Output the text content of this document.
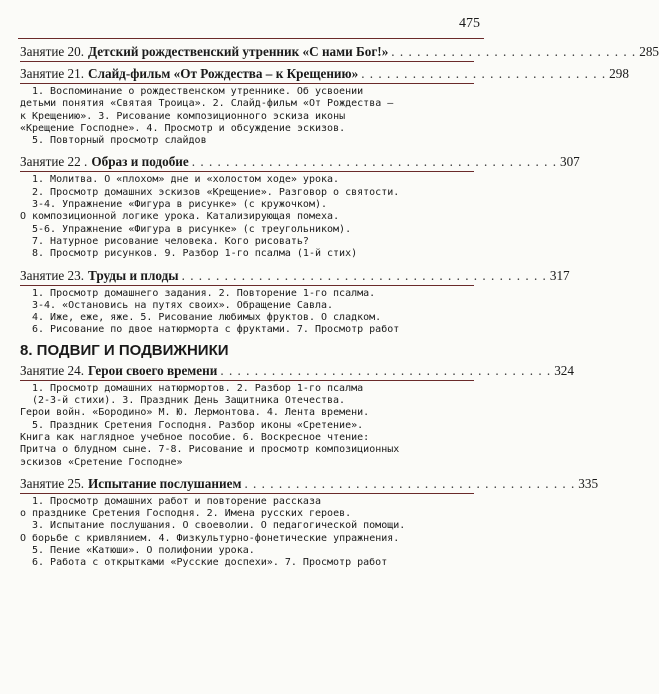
475
Занятие 20. Детский рождественский утренник «С нами Бог!» . . . . . . . . . . . . . . . . . . . . . . . . . . . . . 285
Занятие 21. Слайд-фильм «От Рождества – к Крещению» . . . . . . . . . . . . . . . . . . . . . . . . . . . . . 298
1. Воспоминание о рождественском утреннике. Об усвоении
детьми понятия «Святая Троица». 2. Слайд-фильм «От Рождества –
к Крещению». 3. Рисование композиционного эскиза иконы
«Крещение Господне». 4. Просмотр и обсуждение эскизов.
5. Повторный просмотр слайдов
Занятие 22 . Образ и подобие . . . . . . . . . . . . . . . . . . . . . . . . . . . . . . . . . . . . . . . . . . . 307
1. Молитва. О «плохом» дне и «холостом ходе» урока.
2. Просмотр домашних эскизов «Крещение». Разговор о святости.
3-4. Упражнение «Фигура в рисунке» (с кружочком).
О композиционной логике урока. Катализирующая помеха.
5-6. Упражнение «Фигура в рисунке» (с треугольником).
7. Натурное рисование человека. Кого рисовать?
8. Просмотр рисунков. 9. Разбор 1-го псалма (1-й стих)
Занятие 23. Труды и плоды . . . . . . . . . . . . . . . . . . . . . . . . . . . . . . . . . . . . . . . . . . . 317
1. Просмотр домашнего задания. 2. Повторение 1-го псалма.
3-4. «Остановись на путях своих». Обращение Савла.
4. Иже, еже, яже. 5. Рисование любимых фруктов. О сладком.
6. Рисование по двое натюрморта с фруктами. 7. Просмотр работ
8. ПОДВИГ И ПОДВИЖНИКИ
Занятие 24. Герои своего времени . . . . . . . . . . . . . . . . . . . . . . . . . . . . . . . . . . . . . . . 324
1. Просмотр домашних натюрмортов. 2. Разбор 1-го псалма
(2-3-й стихи). 3. Праздник День Защитника Отечества.
Герои войн. «Бородино» М. Ю. Лермонтова. 4. Лента времени.
5. Праздник Сретения Господня. Разбор иконы «Сретение».
Книга как наглядное учебное пособие. 6. Воскресное чтение:
Притча о блудном сыне. 7-8. Рисование и просмотр композиционных
эскизов «Сретение Господне»
Занятие 25. Испытание послушанием . . . . . . . . . . . . . . . . . . . . . . . . . . . . . . . . . . . . . . . 335
1. Просмотр домашних работ и повторение рассказа
о празднике Сретения Господня. 2. Имена русских героев.
3. Испытание послушания. О своеволии. О педагогической помощи.
О борьбе с кривлянием. 4. Физкультурно-фонетические упражнения.
5. Пение «Катюши». О полифонии урока.
6. Работа с открытками «Русские доспехи». 7. Просмотр работ
